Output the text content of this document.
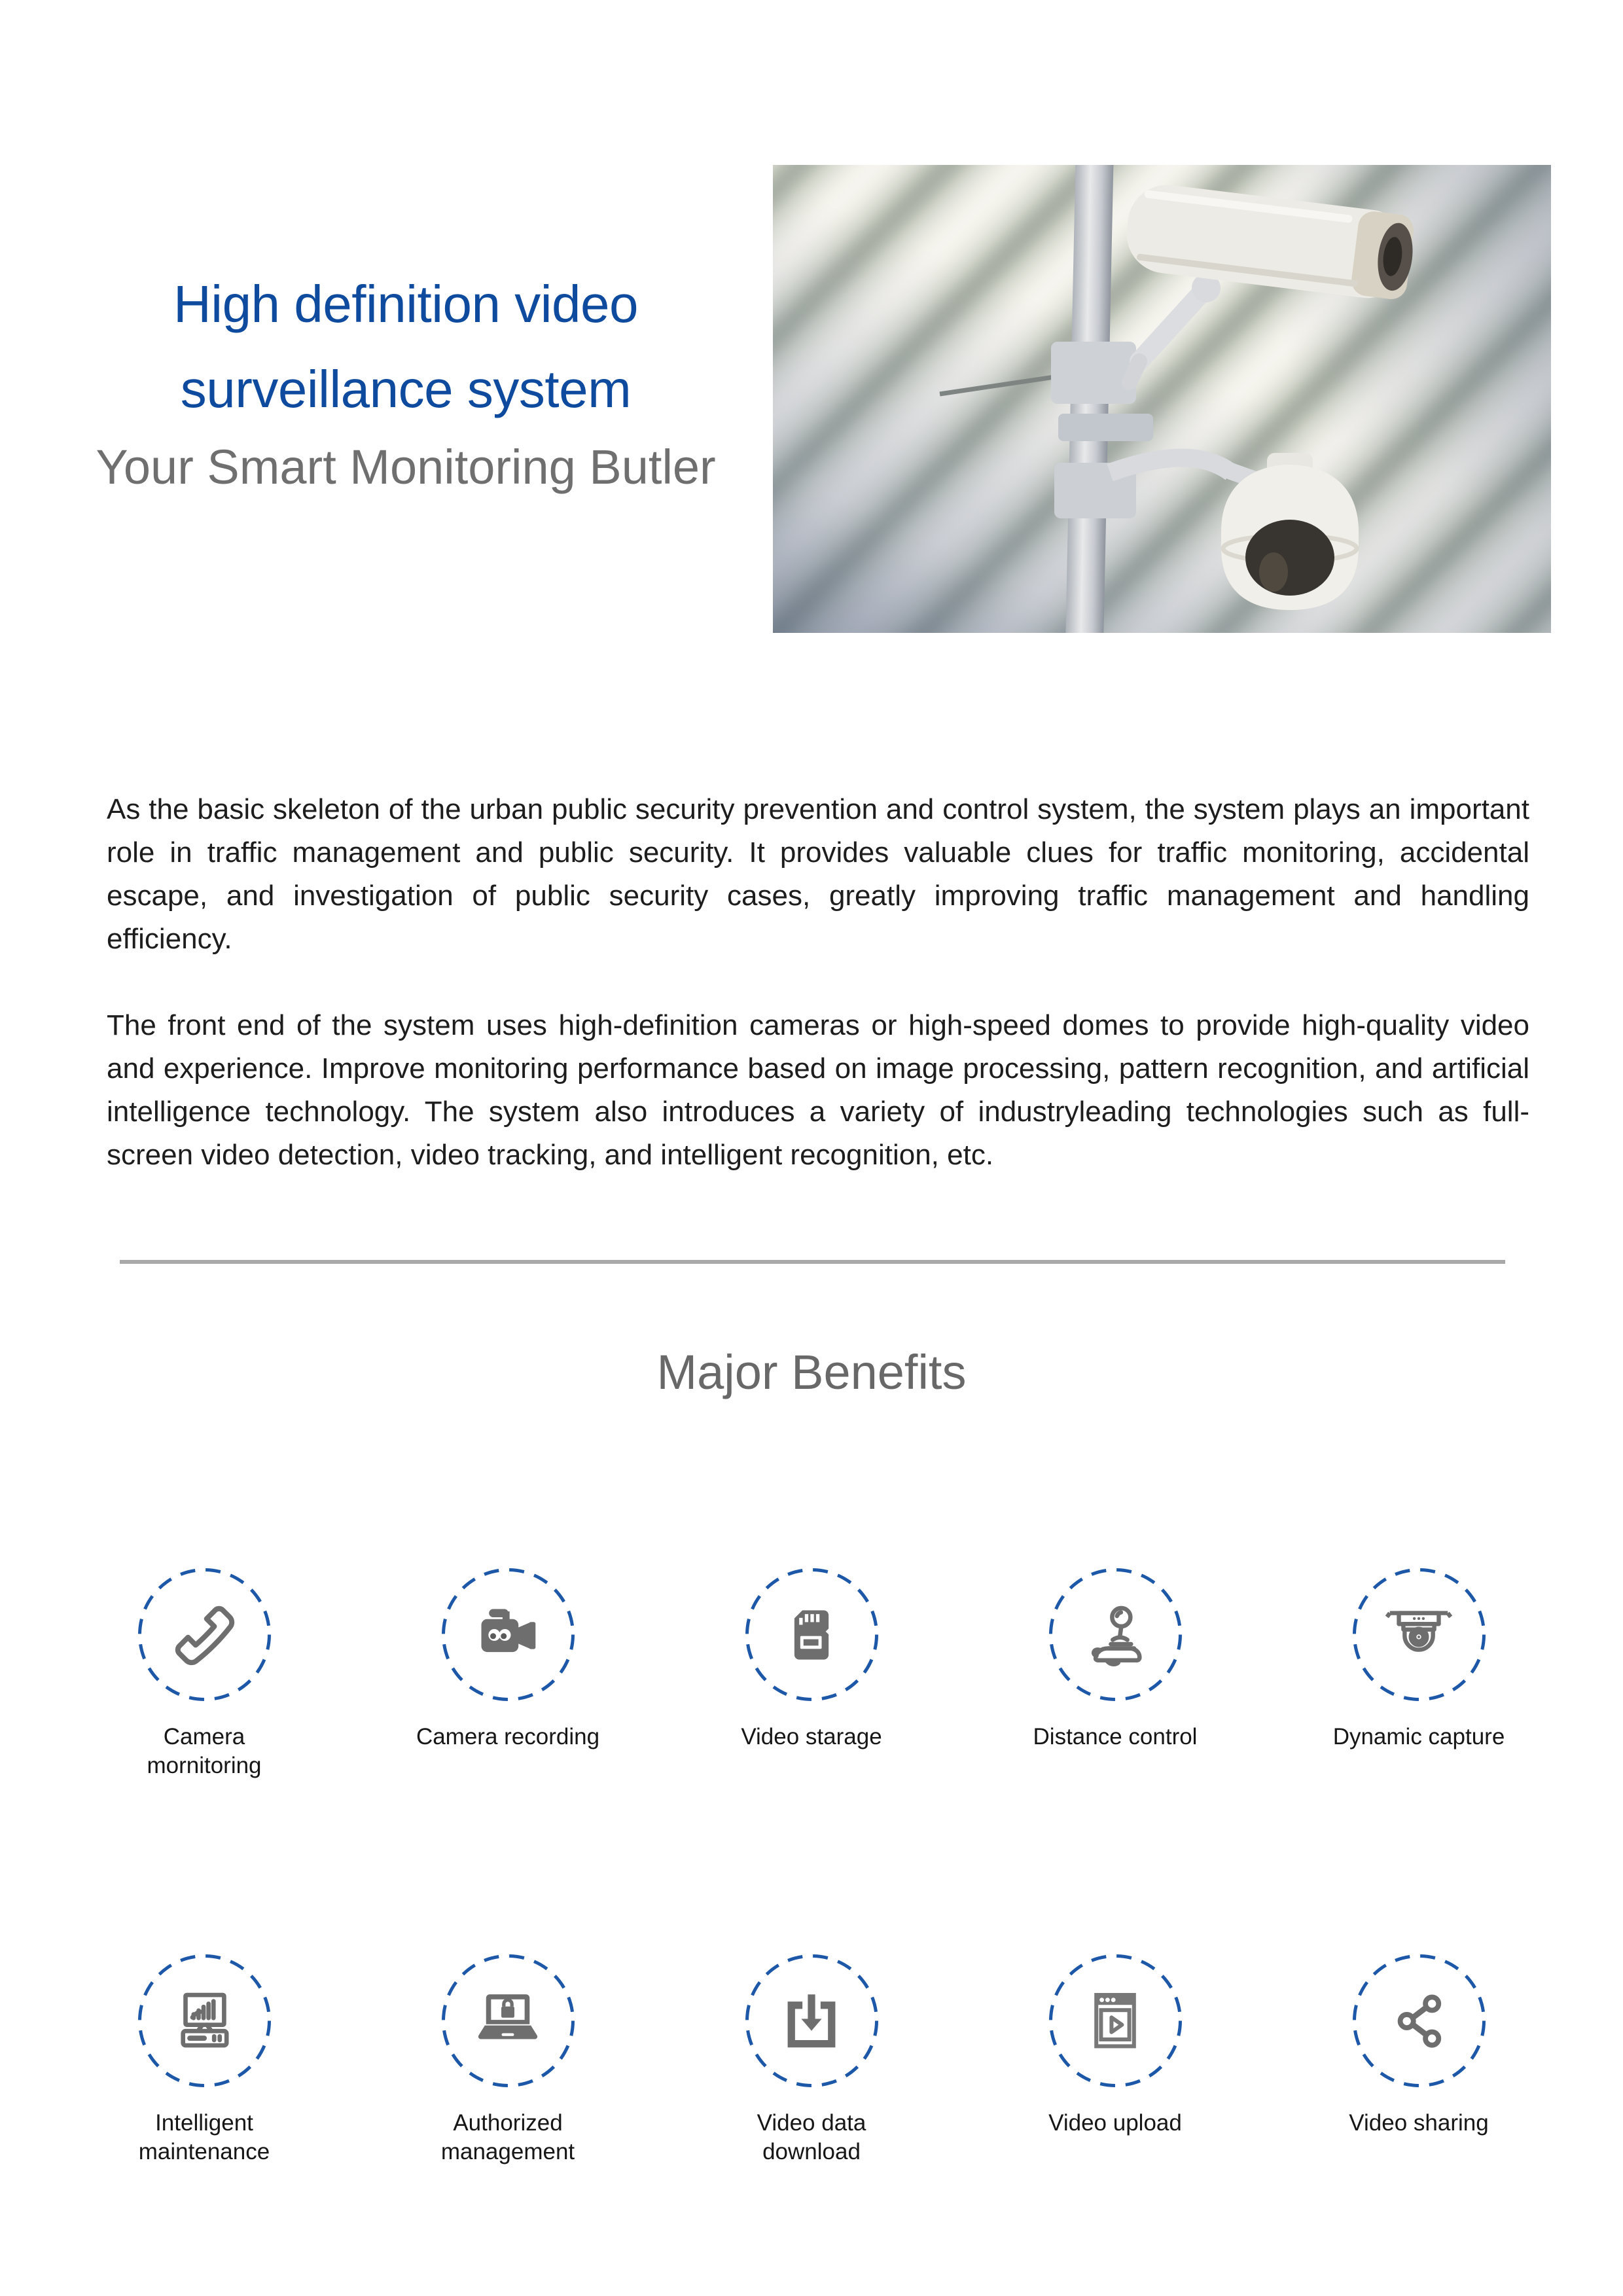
High definition video
surveillance system
Your Smart Monitoring Butler

As the basic skeleton of the urban public security prevention and control system, the system plays an important role in traffic management and public security. It provides valuable clues for traffic monitoring, accidental escape, and investigation of public security cases, greatly improving traffic management and handling efficiency.

The front end of the system uses high-definition cameras or high-speed domes to provide high-quality video and experience. Improve monitoring performance based on image processing, pattern recognition, and artificial intelligence technology. The system also introduces a variety of industryleading technologies such as full-screen video detection, video tracking, and intelligent recognition, etc.

Major Benefits
Camera mornitoring
Camera recording	Video starage	Distance control	Dynamic capture
Intelligent maintenance
Authorized management
Video data download
Video upload	Video sharing
